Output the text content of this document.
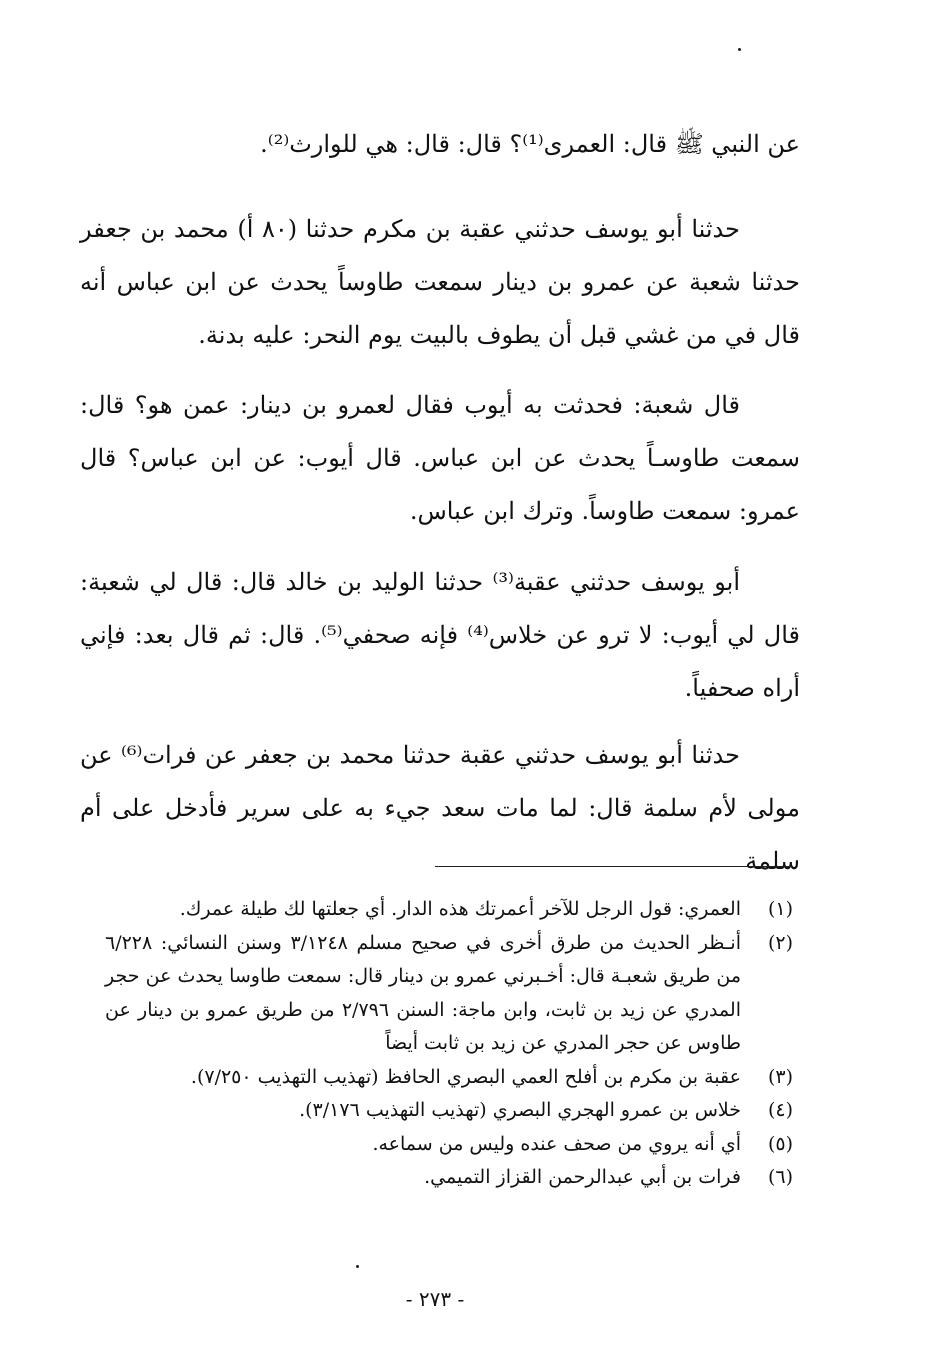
عن النبي ﷺ قال: العمرى⁽¹⁾؟ قال: قال: هي للوارث⁽²⁾.
حدثنا أبو يوسف حدثني عقبة بن مكرم حدثنا (٨٠ أ) محمد بن جعفر حدثنا شعبة عن عمرو بن دينار سمعت طاوساً يحدث عن ابن عباس أنه قال في من غشي قبل أن يطوف بالبيت يوم النحر: عليه بدنة.
قال شعبة: فحدثت به أيوب فقال لعمرو بن دينار: عمن هو؟ قال: سمعت طاوسـاً يحدث عن ابن عباس. قال أيوب: عن ابن عباس؟ قال عمرو: سمعت طاوساً. وترك ابن عباس.
أبو يوسف حدثني عقبة⁽³⁾ حدثنا الوليد بن خالد قال: قال لي شعبة: قال لي أيوب: لا ترو عن خلاس⁽⁴⁾ فإنه صحفي⁽⁵⁾. قال: ثم قال بعد: فإني أراه صحفياً.
حدثنا أبو يوسف حدثني عقبة حدثنا محمد بن جعفر عن فرات⁽⁶⁾ عن مولى لأم سلمة قال: لما مات سعد جيء به على سرير فأدخل على أم سلمة
(١)
العمري: قول الرجل للآخر أعمرتك هذه الدار. أي جعلتها لك طيلة عمرك.
(٢)
أنـظر الحديث من طرق أخرى في صحيح مسلم ٣/١٢٤٨ وسنن النسائي: ٦/٢٢٨ من طريق شعبـة قال: أخـبرني عمرو بن دينار قال: سمعت طاوسا يحدث عن حجر المدري عن زيد بن ثابت، وابن ماجة: السنن ٢/٧٩٦ من طريق عمرو بن دينار عن طاوس عن حجر المدري عن زيد بن ثابت أيضاً
(٣)
عقبة بن مكرم بن أفلح العمي البصري الحافظ (تهذيب التهذيب ٧/٢٥٠).
(٤)
خلاس بن عمرو الهجري البصري (تهذيب التهذيب ٣/١٧٦).
(٥)
أي أنه يروي من صحف عنده وليس من سماعه.
(٦)
فرات بن أبي عبدالرحمن القزاز التميمي.
- ٢٧٣ -
